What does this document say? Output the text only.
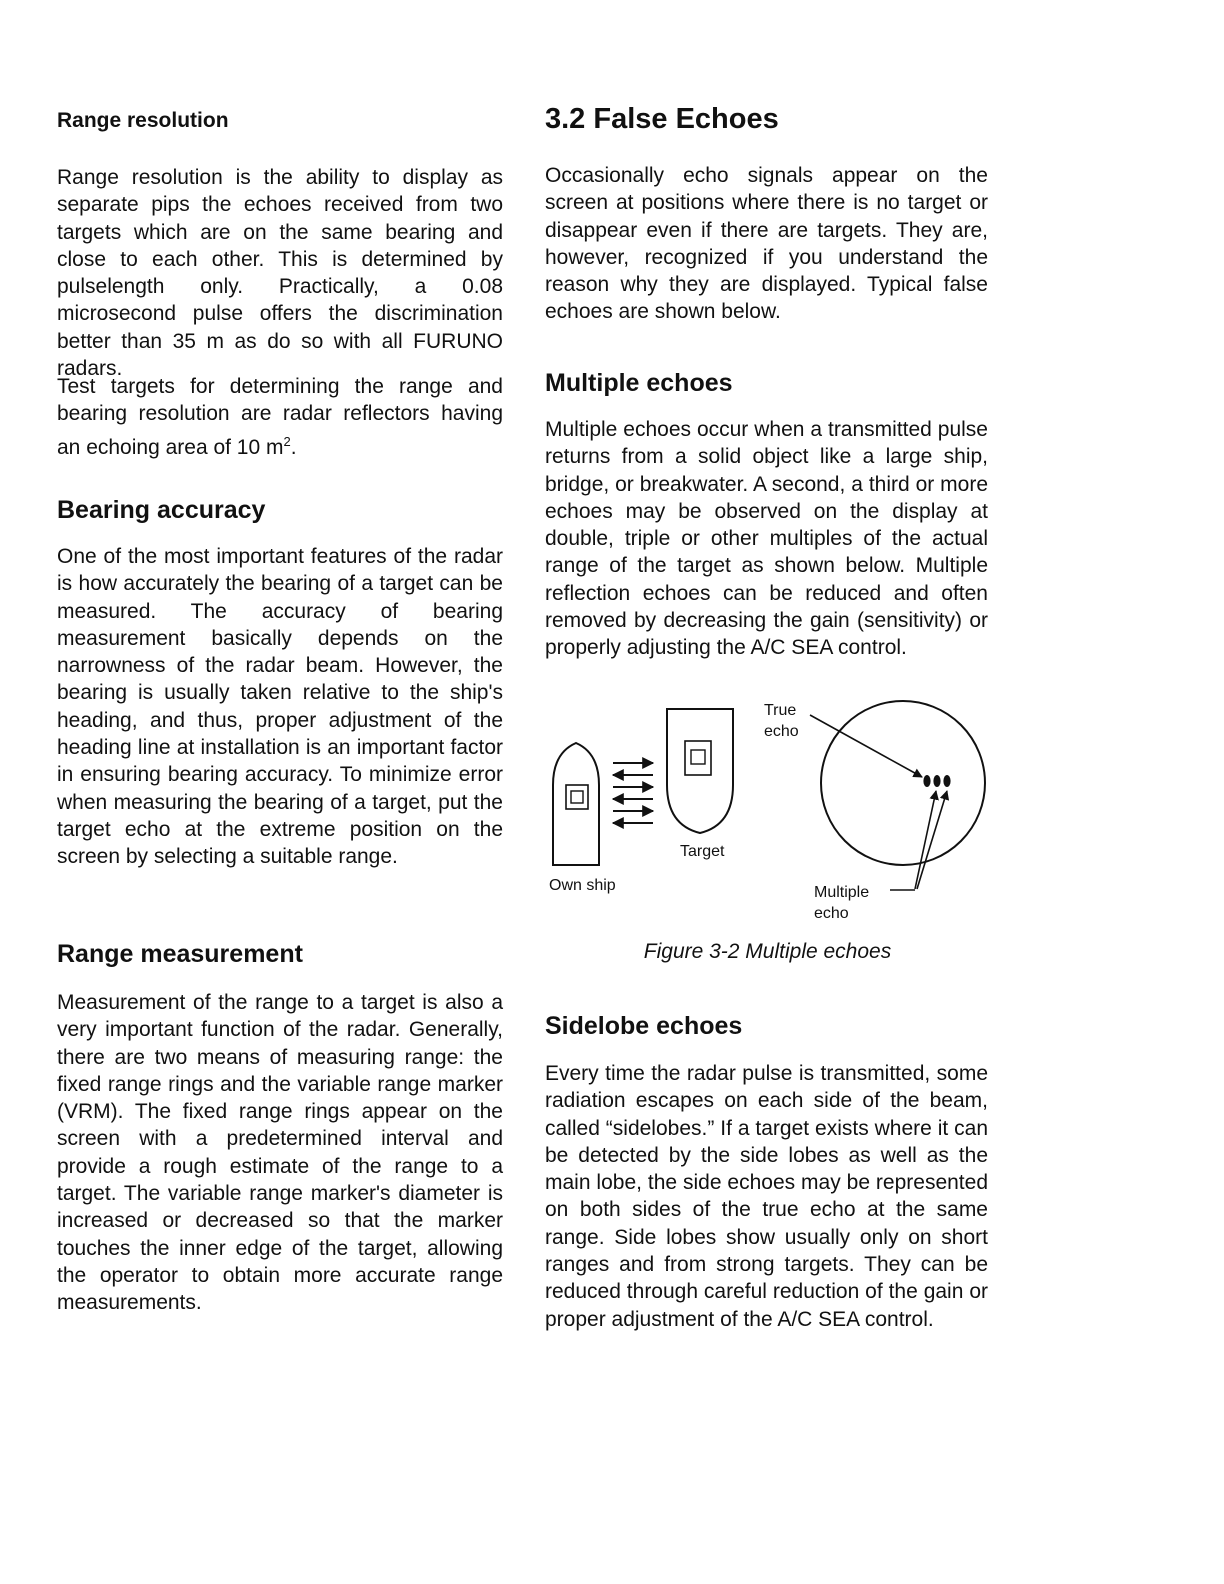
Range resolution

Range resolution is the ability to display as separate pips the echoes received from two targets which are on the same bearing and close to each other. This is determined by pulselength only. Practically, a 0.08 microsecond pulse offers the discrimination better than 35 m as do so with all FURUNO radars.

Test targets for determining the range and bearing resolution are radar reflectors having an echoing area of 10 $m^2$.

Bearing accuracy

One of the most important features of the radar is how accurately the bearing of a target can be measured. The accuracy of bearing measurement basically depends on the narrowness of the radar beam. However, the bearing is usually taken relative to the ship's heading, and thus, proper adjustment of the heading line at installation is an important factor in ensuring bearing accuracy. To minimize error when measuring the bearing of a target, put the target echo at the extreme position on the screen by selecting a suitable range.

Range measurement

Measurement of the range to a target is also a very important function of the radar. Generally, there are two means of measuring range: the fixed range rings and the variable range marker (VRM). The fixed range rings appear on the screen with a predetermined interval and provide a rough estimate of the range to a target. The variable range marker's diameter is increased or decreased so that the marker touches the inner edge of the target, allowing the operator to obtain more accurate range measurements.

3.2 False Echoes

Occasionally echo signals appear on the screen at positions where there is no target or disappear even if there are targets. They are, however, recognized if you understand the reason why they are displayed. Typical false echoes are shown below.

Multiple echoes

Multiple echoes occur when a transmitted pulse returns from a solid object like a large ship, bridge, or breakwater. A second, a third or more echoes may be observed on the display at double, triple or other multiples of the actual range of the target as shown below. Multiple reflection echoes can be reduced and often removed by decreasing the gain (sensitivity) or properly adjusting the A/C SEA control.

Sidelobe echoes

Every time the radar pulse is transmitted, some radiation escapes on each side of the beam, called “sidelobes.” If a target exists where it can be detected by the side lobes as well as the main lobe, the side echoes may be represented on both sides of the true echo at the same range. Side lobes show usually only on short ranges and from strong targets. They can be reduced through careful reduction of the gain or proper adjustment of the A/C SEA control.

True
echo
Target
Own ship	Multiple
echo
Figure 3-2 Multiple echoes
